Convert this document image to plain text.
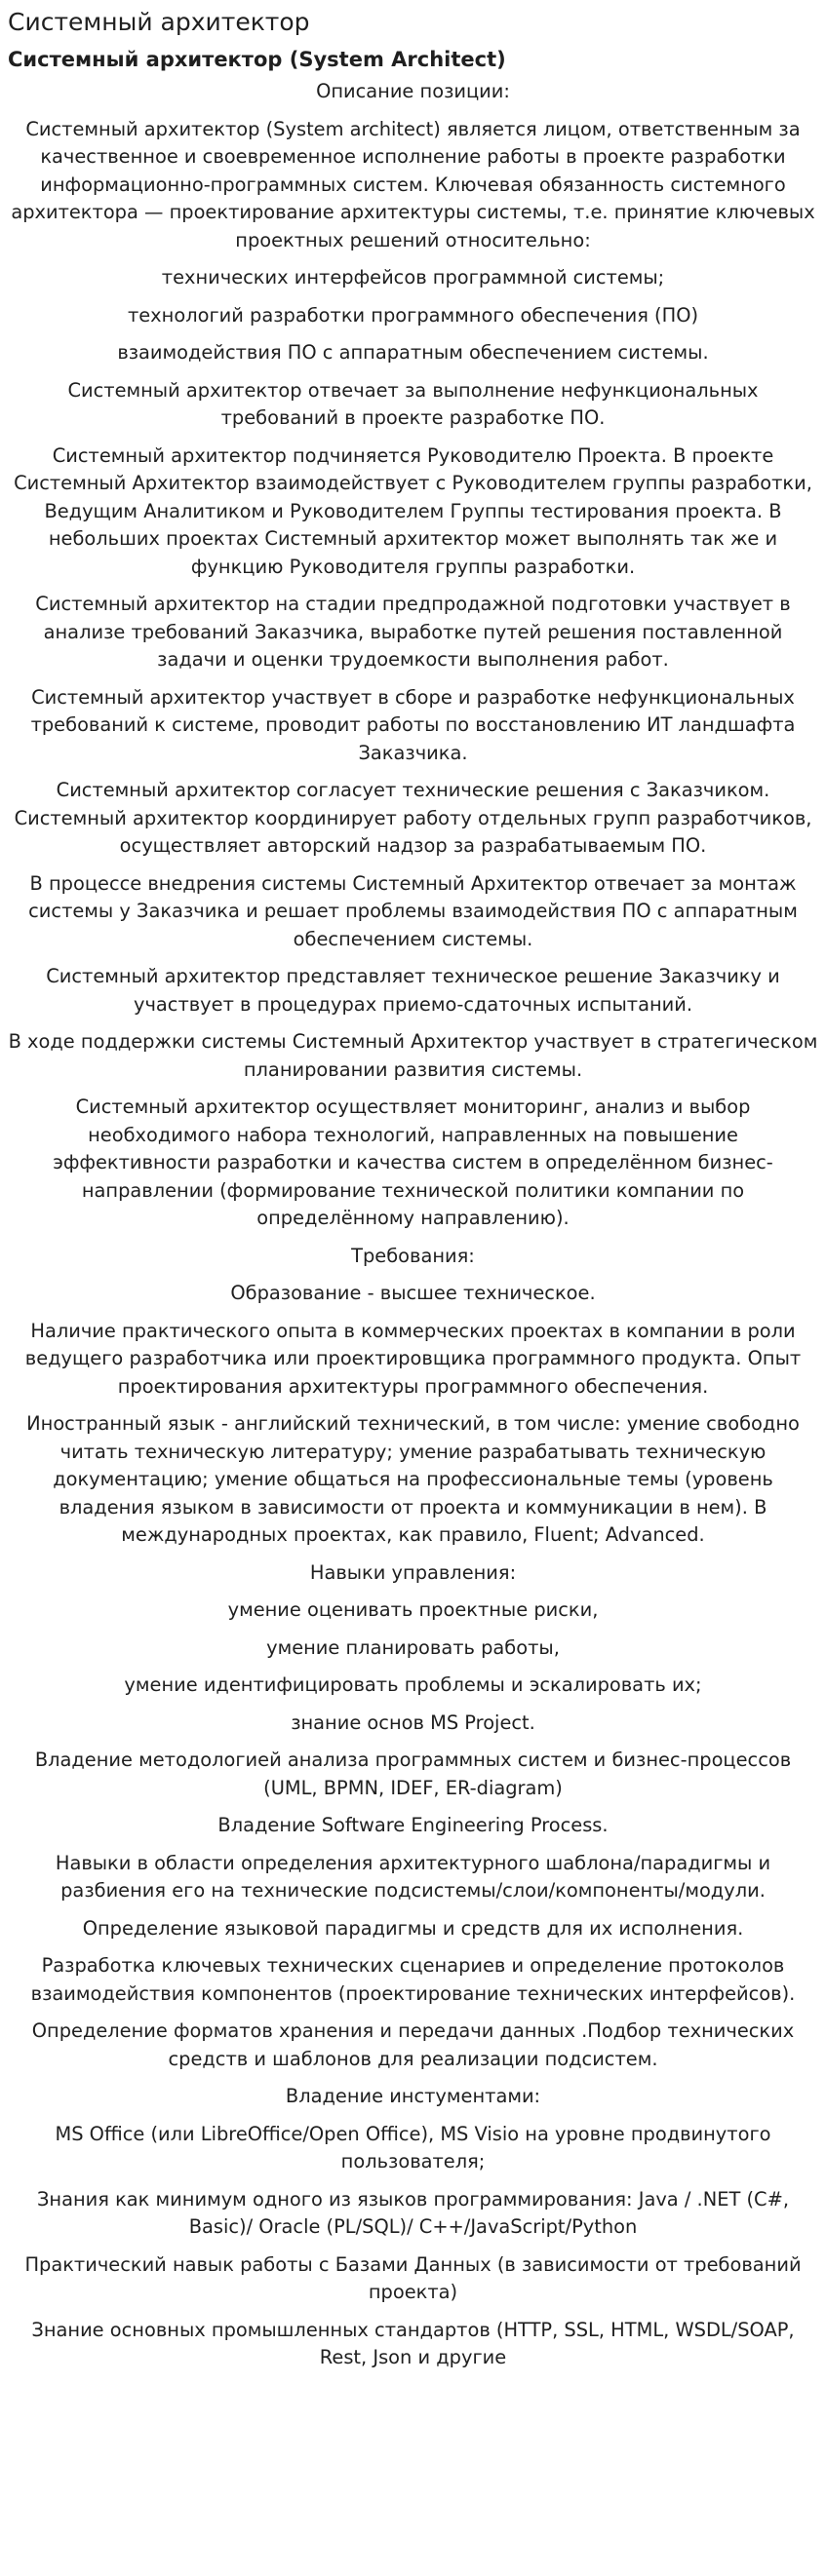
Системный архитектор
Системный архитектор (System Architect)

Описание позиции:

Системный архитектор (System architect) является лицом, ответственным за качественное и своевременное исполнение работы в проекте разработки информационно-программных систем. Ключевая обязанность системного архитектора — проектирование архитектуры системы, т.е. принятие ключевых проектных решений относительно:

технических интерфейсов программной системы;

технологий разработки программного обеспечения (ПО)

взаимодействия ПО с аппаратным обеспечением системы.

Системный архитектор отвечает за выполнение нефункциональных требований в проекте разработке ПО.

Системный архитектор подчиняется Руководителю Проекта. В проекте Системный Архитектор взаимодействует с Руководителем группы разработки, Ведущим Аналитиком и Руководителем Группы тестирования проекта. В небольших проектах Системный архитектор может выполнять так же и функцию Руководителя группы разработки.

Системный архитектор на стадии предпродажной подготовки участвует в анализе требований Заказчика, выработке путей решения поставленной задачи и оценки трудоемкости выполнения работ.

Системный архитектор участвует в сборе и разработке нефункциональных требований к системе, проводит работы по восстановлению ИТ ландшафта Заказчика.

Системный архитектор согласует технические решения с Заказчиком. Системный архитектор координирует работу отдельных групп разработчиков, осуществляет авторский надзор за разрабатываемым ПО.

В процессе внедрения системы Системный Архитектор отвечает за монтаж системы у Заказчика и решает проблемы взаимодействия ПО с аппаратным обеспечением системы.

Системный архитектор представляет техническое решение Заказчику и участвует в процедурах приемо-сдаточных испытаний.

В ходе поддержки системы Системный Архитектор участвует в стратегическом планировании развития системы.

Системный архитектор осуществляет мониторинг, анализ и выбор необходимого набора технологий, направленных на повышение эффективности разработки и качества систем в определённом бизнес-направлении (формирование технической политики компании по определённому направлению).

Требования:

Образование - высшее техническое.

Наличие практического опыта в коммерческих проектах в компании в роли ведущего разработчика или проектировщика программного продукта. Опыт проектирования архитектуры программного обеспечения.

Иностранный язык - английский технический, в том числе: умение свободно читать техническую литературу; умение разрабатывать техническую документацию; умение общаться на профессиональные темы (уровень владения языком в зависимости от проекта и коммуникации в нем). В международных проектах, как правило, Fluent; Advanced.

Навыки управления:

умение оценивать проектные риски,

умение планировать работы,

умение идентифицировать проблемы и эскалировать их;

знание основ MS Project.

Владение методологией анализа программных систем и бизнес-процессов (UML, BPMN, IDEF, ER-diagram)

Владение Software Engineering Process.

Навыки в области определения архитектурного шаблона/парадигмы и разбиения его на технические подсистемы/слои/компоненты/модули.

Определение языковой парадигмы и средств для их исполнения.

Разработка ключевых технических сценариев и определение протоколов взаимодействия компонентов (проектирование технических интерфейсов).

Определение форматов хранения и передачи данных .Подбор технических средств и шаблонов для реализации подсистем.

Владение инстументами:

MS Office (или LibreOffice/Open Office), MS Visio на уровне продвинутого пользователя;

Знания как минимум одного из языков программирования: Java / .NET (C#, Basic)/ Oracle (PL/SQL)/ C++/JavaScript/Python

Практический навык работы с Базами Данных (в зависимости от требований проекта)

Знание основных промышленных стандартов (HTTP, SSL, HTML, WSDL/SOAP, Rest, Json и другие
